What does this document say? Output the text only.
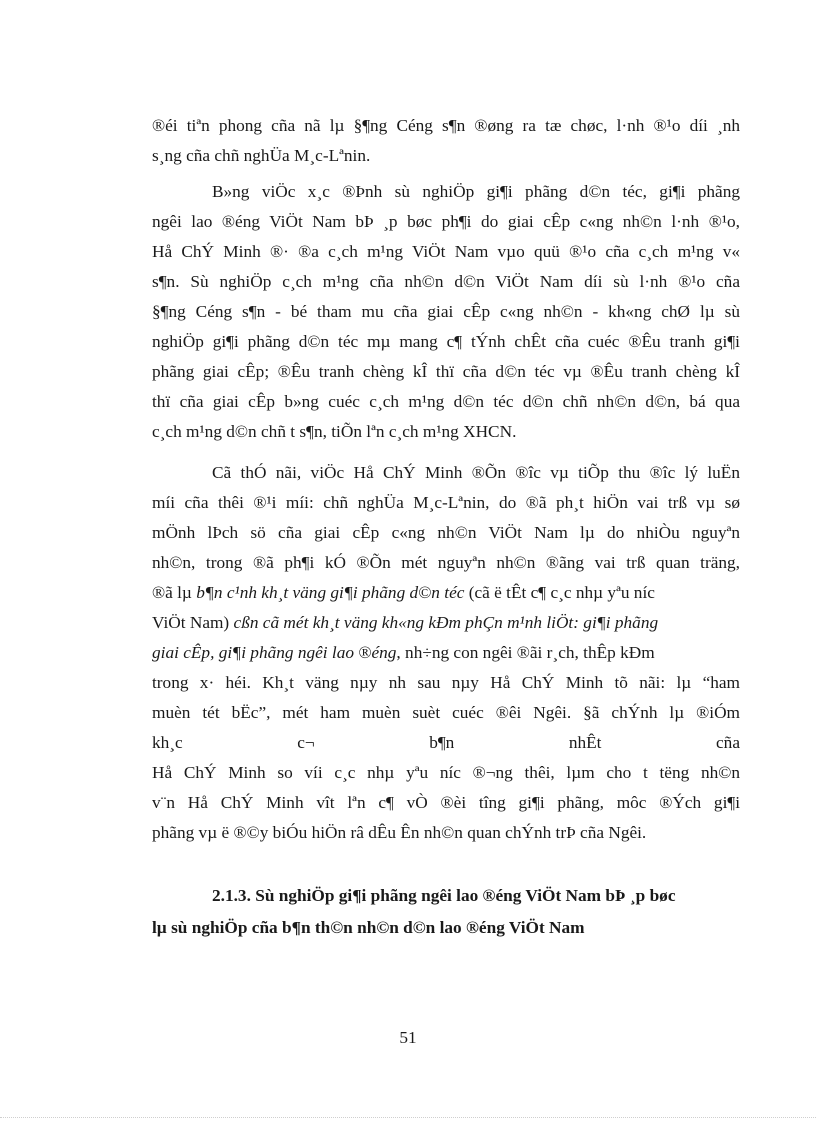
®éi tiªn phong cña nã lµ §¶ng Céng s¶n ®øng ra tæ chøc, l·nh ®¹o díi ¸nh
s¸ng cña chñ nghÜa M¸c-Lªnin.
B»ng viÖc x¸c ®Þnh sù nghiÖp gi¶i phãng d©n téc, gi¶i phãng
ngêi lao ®éng ViÖt Nam bÞ ¸p bøc ph¶i do giai cÊp c«ng nh©n l·nh ®¹o,
Hå ChÝ Minh ®· ®a c¸ch m¹ng ViÖt Nam vµo quü ®¹o cña c¸ch m¹ng v«
s¶n. Sù nghiÖp c¸ch m¹ng cña nh©n d©n ViÖt Nam díi sù l·nh ®¹o cña
§¶ng Céng s¶n - bé tham mu cña giai cÊp c«ng nh©n - kh«ng chØ lµ sù
nghiÖp gi¶i phãng d©n téc mµ mang c¶ tÝnh chÊt cña cuéc ®Êu tranh gi¶i
phãng giai cÊp; ®Êu tranh chèng kÎ thï cña d©n téc vµ ®Êu tranh chèng kÎ
thï cña giai cÊp b»ng cuéc c¸ch m¹ng d©n téc d©n chñ nh©n d©n, bá qua
c¸ch m¹ng d©n chñ t s¶n, tiÕn lªn c¸ch m¹ng XHCN.
Cã thÓ nãi, viÖc Hå ChÝ Minh ®Õn ®îc vµ tiÕp thu ®îc lý luËn
míi cña thêi ®¹i míi: chñ nghÜa M¸c-Lªnin, do ®ã ph¸t hiÖn vai trß vµ sø
mÖnh lÞch sö cña giai cÊp c«ng nh©n ViÖt Nam lµ do nhiÒu nguyªn
nh©n, trong ®ã ph¶i kÓ ®Õn mét nguyªn nh©n ®ãng vai trß quan träng,
®ã lµ b¶n c¹nh kh¸t väng gi¶i phãng d©n téc (cã ë tÊt c¶ c¸c nhµ yªu níc
ViÖt Nam) cßn cã mét kh¸t väng kh«ng kÐm phÇn m¹nh liÖt: gi¶i phãng
giai cÊp, gi¶i phãng ngêi lao ®éng, nh÷ng con ngêi ®ãi r¸ch, thÊp kÐm
trong x· héi. Kh¸t väng nµy nh sau nµy Hå ChÝ Minh tõ nãi: lµ “ham
muèn tét bËc”, mét ham muèn suèt cuéc ®êi Ngêi. §ã chÝnh lµ ®iÓm
kh¸c c¬ b¶n nhÊt cña
Hå ChÝ Minh so víi c¸c nhµ yªu níc ®¬ng thêi, lµm cho t tëng nh©n
v¨n Hå ChÝ Minh vît lªn c¶ vÒ ®èi tîng gi¶i phãng, môc ®Ých gi¶i
phãng vµ ë ®©y biÓu hiÖn râ dÊu Ên nh©n quan chÝnh trÞ cña Ngêi.
2.1.3. Sù nghiÖp gi¶i phãng ngêi lao ®éng ViÖt Nam bÞ ¸p bøc
lµ sù nghiÖp cña b¶n th©n nh©n d©n lao ®éng ViÖt Nam
51
